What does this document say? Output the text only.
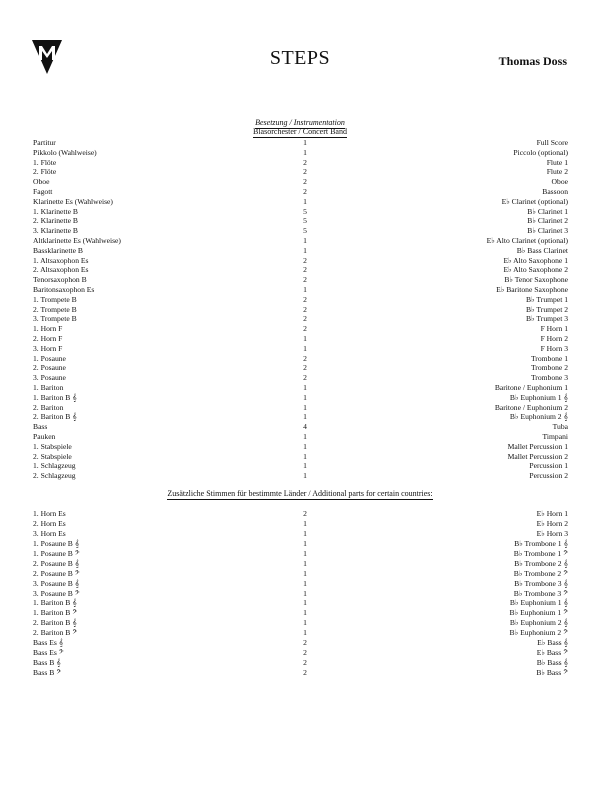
STEPS	Thomas Doss
Besetzung / Instrumentation
Blasorchester / Concert Band
Partitur	1	Full Score
Pikkolo (Wahlweise)	1	Piccolo (optional)
1. Flöte	2	Flute 1
2. Flöte	2	Flute 2
Oboe	2	Oboe
Fagott	2	Bassoon
Klarinette Es (Wahlweise)	1	E♭ Clarinet (optional)
1. Klarinette B	5	B♭ Clarinet 1
2. Klarinette B	5	B♭ Clarinet 2
3. Klarinette B	5	B♭ Clarinet 3
Altklarinette Es (Wahlweise)	1	E♭ Alto Clarinet (optional)
Bassklarinette B	1	B♭ Bass Clarinet
1. Altsaxophon Es	2	E♭ Alto Saxophone 1
2. Altsaxophon Es	2	E♭ Alto Saxophone 2
Tenorsaxophon B	2	B♭ Tenor Saxophone
Baritonsaxophon Es	1	E♭ Baritone Saxophone
1. Trompete B	2	B♭ Trumpet 1
2. Trompete B	2	B♭ Trumpet 2
3. Trompete B	2	B♭ Trumpet 3
1. Horn F	2	F Horn 1
2. Horn F	1	F Horn 2
3. Horn F	1	F Horn 3
1. Posaune	2	Trombone 1
2. Posaune	2	Trombone 2
3. Posaune	2	Trombone 3
1. Bariton	1	Baritone / Euphonium 1
1. Bariton B 𝄞	1	B♭ Euphonium 1 𝄞
2. Bariton	1	Baritone / Euphonium 2
2. Bariton B 𝄞	1	B♭ Euphonium 2 𝄞
Bass	4	Tuba
Pauken	1	Timpani
1. Stabspiele	1	Mallet Percussion 1
2. Stabspiele	1	Mallet Percussion 2
1. Schlagzeug	1	Percussion 1
2. Schlagzeug	1	Percussion 2
Zusätzliche Stimmen für bestimmte Länder / Additional parts for certain countries:
1. Horn Es	2	E♭ Horn 1
2. Horn Es	1	E♭ Horn 2
3. Horn Es	1	E♭ Horn 3
1. Posaune B 𝄞	1	B♭ Trombone 1 𝄞
1. Posaune B 𝄢	1	B♭ Trombone 1 𝄢
2. Posaune B 𝄞	1	B♭ Trombone 2 𝄞
2. Posaune B 𝄢	1	B♭ Trombone 2 𝄢
3. Posaune B 𝄞	1	B♭ Trombone 3 𝄞
3. Posaune B 𝄢	1	B♭ Trombone 3 𝄢
1. Bariton B 𝄞	1	B♭ Euphonium 1 𝄞
1. Bariton B 𝄢	1	B♭ Euphonium 1 𝄢
2. Bariton B 𝄞	1	B♭ Euphonium 2 𝄞
2. Bariton B 𝄢	1	B♭ Euphonium 2 𝄢
Bass Es 𝄞	2	E♭ Bass 𝄞
Bass Es 𝄢	2	E♭ Bass 𝄢
Bass B 𝄞	2	B♭ Bass 𝄞
Bass B 𝄢	2	B♭ Bass 𝄢
